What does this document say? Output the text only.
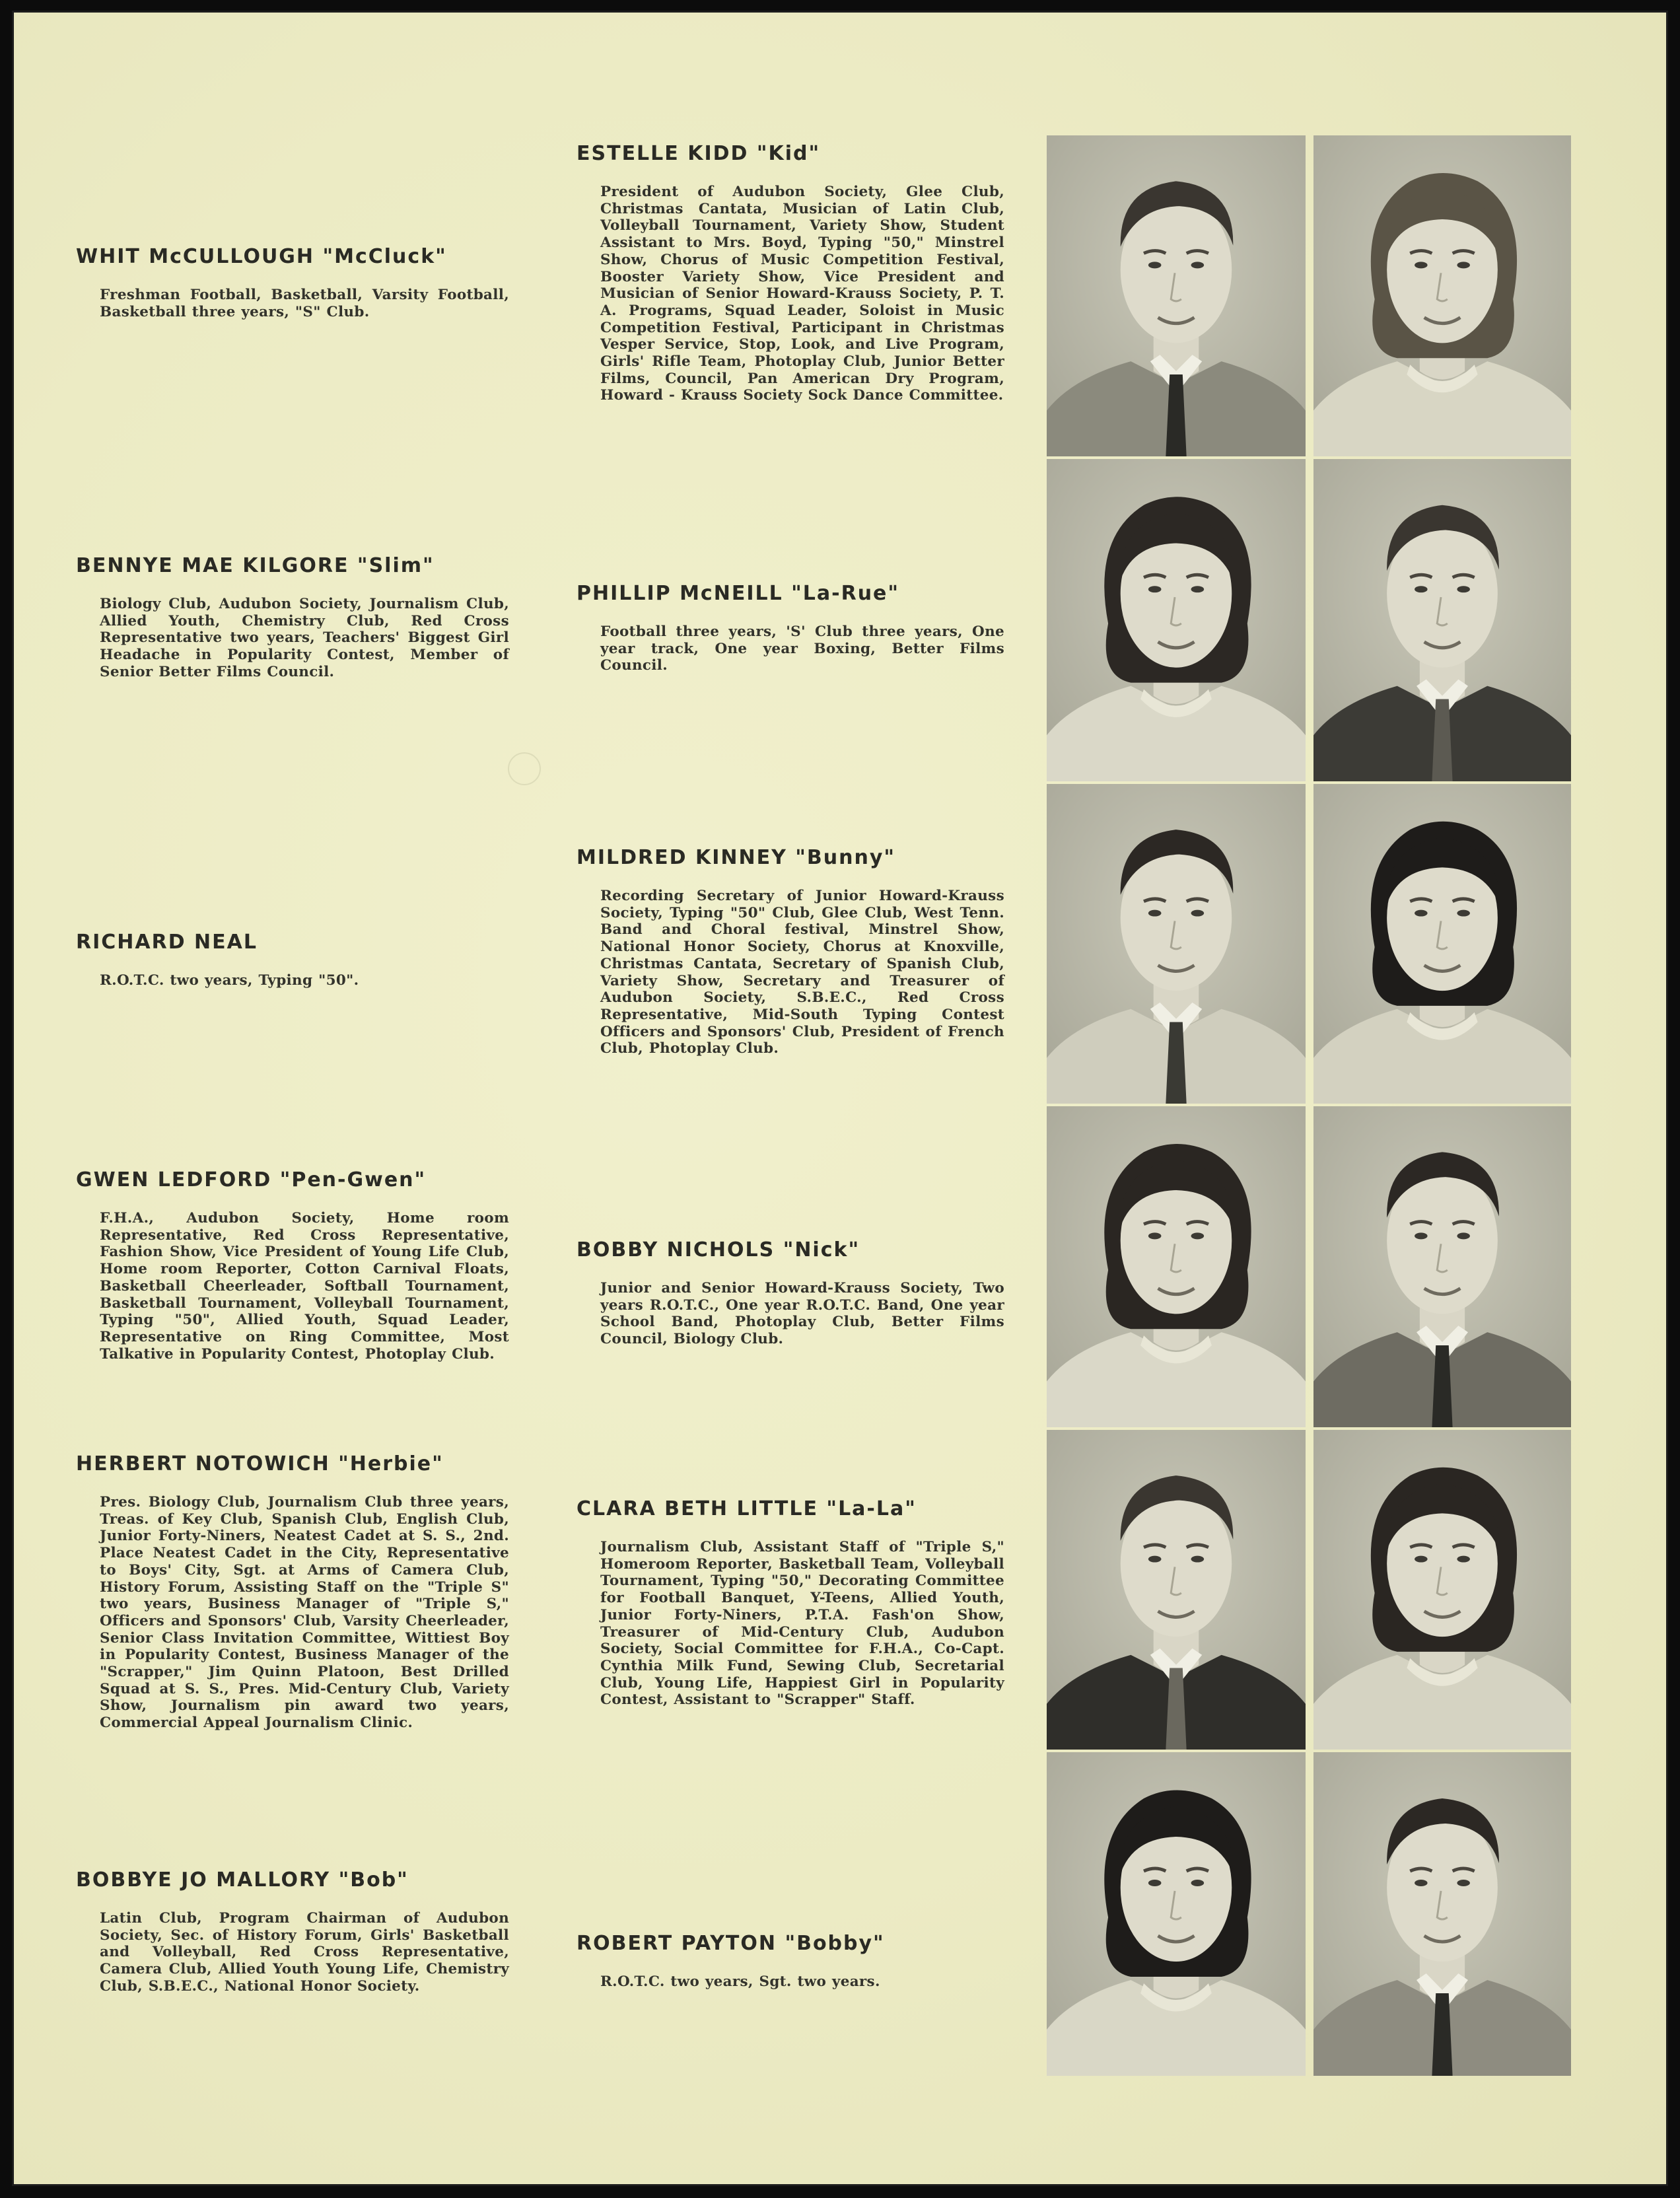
WHIT McCULLOUGH "McCluck"

Freshman Football, Basketball, Varsity Football, Basketball three years, "S" Club.

BENNYE MAE KILGORE "Slim"

Biology Club, Audubon Society, Journalism Club, Allied Youth, Chemistry Club, Red Cross Representative two years, Teachers' Biggest Girl Headache in Popularity Contest, Member of Senior Better Films Council.

RICHARD NEAL

R.O.T.C. two years, Typing "50".

GWEN LEDFORD "Pen-Gwen"

F.H.A., Audubon Society, Home room Representative, Red Cross Representative, Fashion Show, Vice President of Young Life Club, Home room Reporter, Cotton Carnival Floats, Basketball Cheerleader, Softball Tournament, Basketball Tournament, Volleyball Tournament, Typing "50", Allied Youth, Squad Leader, Representative on Ring Committee, Most Talkative in Popularity Contest, Photoplay Club.

HERBERT NOTOWICH "Herbie"

Pres. Biology Club, Journalism Club three years, Treas. of Key Club, Spanish Club, English Club, Junior Forty-Niners, Neatest Cadet at S. S., 2nd. Place Neatest Cadet in the City, Representative to Boys' City, Sgt. at Arms of Camera Club, History Forum, Assisting Staff on the "Triple S" two years, Business Manager of "Triple S," Officers and Sponsors' Club, Varsity Cheerleader, Senior Class Invitation Committee, Wittiest Boy in Popularity Contest, Business Manager of the "Scrapper," Jim Quinn Platoon, Best Drilled Squad at S. S., Pres. Mid-Century Club, Variety Show, Journalism pin award two years, Commercial Appeal Journalism Clinic.

BOBBYE JO MALLORY "Bob"

Latin Club, Program Chairman of Audubon Society, Sec. of History Forum, Girls' Basketball and Volleyball, Red Cross Representative, Camera Club, Allied Youth Young Life, Chemistry Club, S.B.E.C., National Honor Society.

ESTELLE KIDD "Kid"

President of Audubon Society, Glee Club, Christmas Cantata, Musician of Latin Club, Volleyball Tournament, Variety Show, Student Assistant to Mrs. Boyd, Typing "50," Minstrel Show, Chorus of Music Competition Festival, Booster Variety Show, Vice President and Musician of Senior Howard-Krauss Society, P. T. A. Programs, Squad Leader, Soloist in Music Competition Festival, Participant in Christmas Vesper Service, Stop, Look, and Live Program, Girls' Rifle Team, Photoplay Club, Junior Better Films, Council, Pan American Dry Program, Howard - Krauss Society Sock Dance Committee.

PHILLIP McNEILL "La-Rue"

Football three years, 'S' Club three years, One year track, One year Boxing, Better Films Council.

MILDRED KINNEY "Bunny"

Recording Secretary of Junior Howard-Krauss Society, Typing "50" Club, Glee Club, West Tenn. Band and Choral festival, Minstrel Show, National Honor Society, Chorus at Knoxville, Christmas Cantata, Secretary of Spanish Club, Variety Show, Secretary and Treasurer of Audubon Society, S.B.E.C., Red Cross Representative, Mid-South Typing Contest Officers and Sponsors' Club, President of French Club, Photoplay Club.

BOBBY NICHOLS "Nick"

Junior and Senior Howard-Krauss Society, Two years R.O.T.C., One year R.O.T.C. Band, One year School Band, Photoplay Club, Better Films Council, Biology Club.

CLARA BETH LITTLE "La-La"

Journalism Club, Assistant Staff of "Triple S," Homeroom Reporter, Basketball Team, Volleyball Tournament, Typing "50," Decorating Committee for Football Banquet, Y-Teens, Allied Youth, Junior Forty-Niners, P.T.A. Fash'on Show, Treasurer of Mid-Century Club, Audubon Society, Social Committee for F.H.A., Co-Capt. Cynthia Milk Fund, Sewing Club, Secretarial Club, Young Life, Happiest Girl in Popularity Contest, Assistant to "Scrapper" Staff.

ROBERT PAYTON "Bobby"

R.O.T.C. two years, Sgt. two years.
